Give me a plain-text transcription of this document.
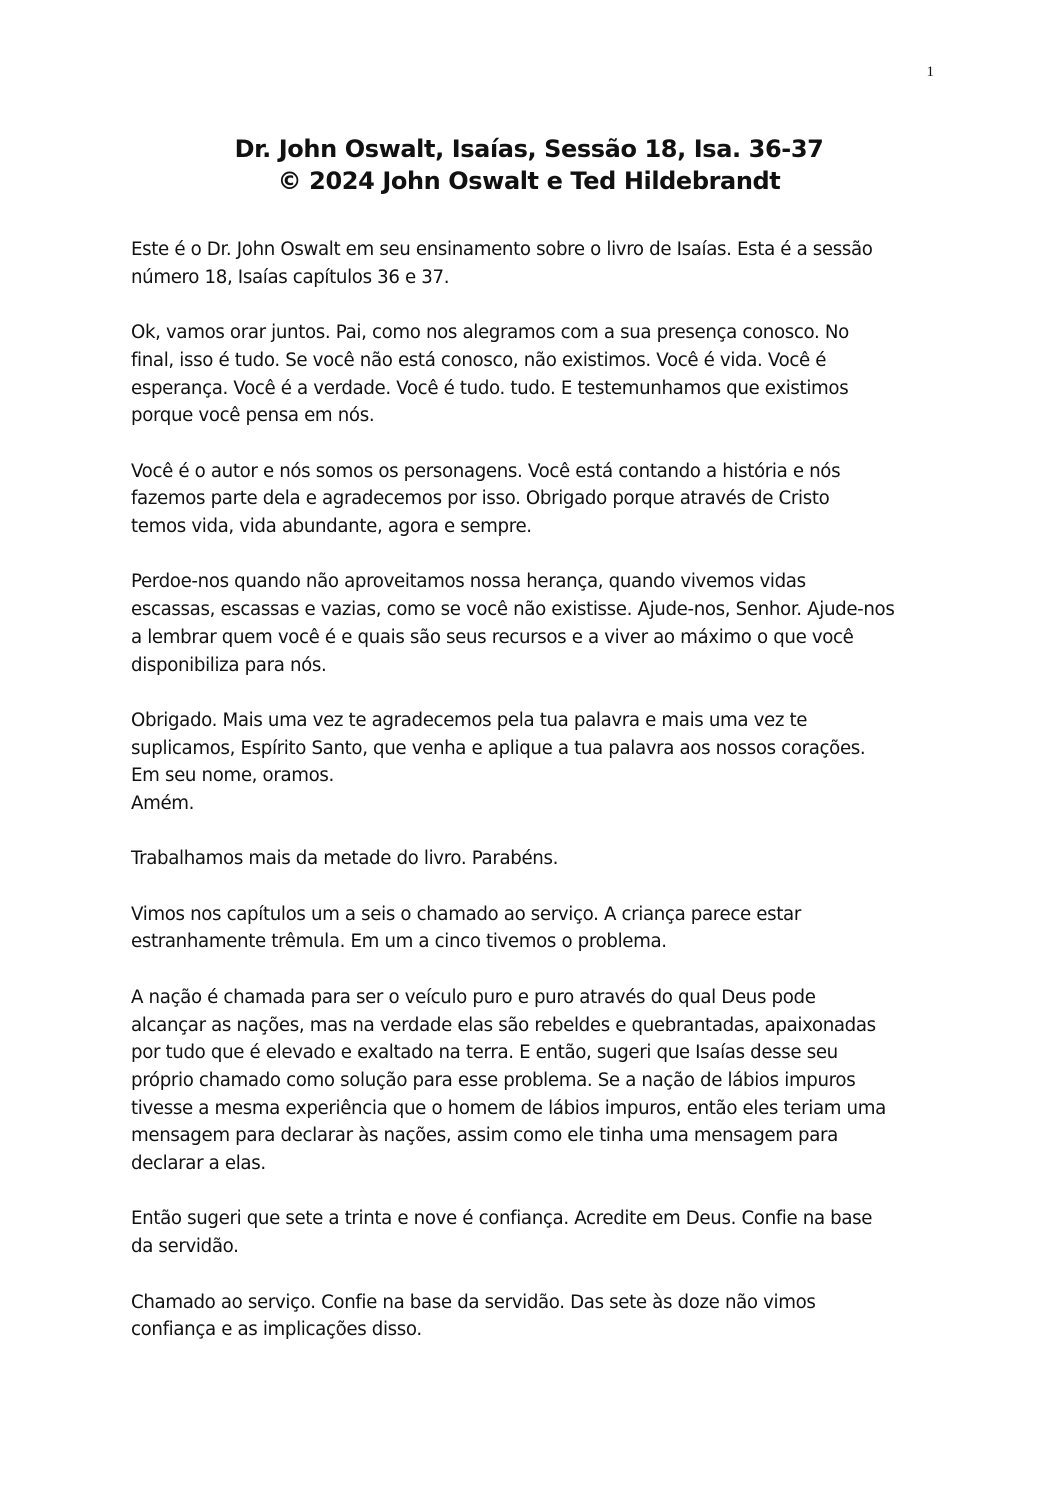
1
Dr. John Oswalt, Isaías, Sessão 18, Isa. 36-37
© 2024 John Oswalt e Ted Hildebrandt

Este é o Dr. John Oswalt em seu ensinamento sobre o livro de Isaías. Esta é a sessão
número 18, Isaías capítulos 36 e 37.

Ok, vamos orar juntos. Pai, como nos alegramos com a sua presença conosco. No
final, isso é tudo. Se você não está conosco, não existimos. Você é vida. Você é
esperança. Você é a verdade. Você é tudo. tudo. E testemunhamos que existimos
porque você pensa em nós.

Você é o autor e nós somos os personagens. Você está contando a história e nós
fazemos parte dela e agradecemos por isso. Obrigado porque através de Cristo
temos vida, vida abundante, agora e sempre.

Perdoe-nos quando não aproveitamos nossa herança, quando vivemos vidas
escassas, escassas e vazias, como se você não existisse. Ajude-nos, Senhor. Ajude-nos
a lembrar quem você é e quais são seus recursos e a viver ao máximo o que você
disponibiliza para nós.

Obrigado. Mais uma vez te agradecemos pela tua palavra e mais uma vez te
suplicamos, Espírito Santo, que venha e aplique a tua palavra aos nossos corações.
Em seu nome, oramos.
Amém.

Trabalhamos mais da metade do livro. Parabéns.

Vimos nos capítulos um a seis o chamado ao serviço. A criança parece estar
estranhamente trêmula. Em um a cinco tivemos o problema.

A nação é chamada para ser o veículo puro e puro através do qual Deus pode
alcançar as nações, mas na verdade elas são rebeldes e quebrantadas, apaixonadas
por tudo que é elevado e exaltado na terra. E então, sugeri que Isaías desse seu
próprio chamado como solução para esse problema. Se a nação de lábios impuros
tivesse a mesma experiência que o homem de lábios impuros, então eles teriam uma
mensagem para declarar às nações, assim como ele tinha uma mensagem para
declarar a elas.

Então sugeri que sete a trinta e nove é confiança. Acredite em Deus. Confie na base
da servidão.

Chamado ao serviço. Confie na base da servidão. Das sete às doze não vimos
confiança e as implicações disso.
